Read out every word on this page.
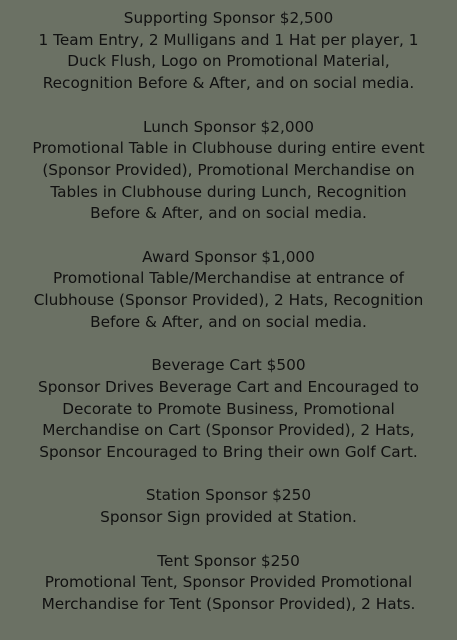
Supporting Sponsor $2,500
1 Team Entry, 2 Mulligans and 1 Hat per player, 1
Duck Flush, Logo on Promotional Material,
Recognition Before & After, and on social media.
Lunch Sponsor $2,000
Promotional Table in Clubhouse during entire event
(Sponsor Provided), Promotional Merchandise on
Tables in Clubhouse during Lunch, Recognition
Before & After, and on social media.
Award Sponsor $1,000
Promotional Table/Merchandise at entrance of
Clubhouse (Sponsor Provided), 2 Hats, Recognition
Before & After, and on social media.
Beverage Cart $500
Sponsor Drives Beverage Cart and Encouraged to
Decorate to Promote Business, Promotional
Merchandise on Cart (Sponsor Provided), 2 Hats,
Sponsor Encouraged to Bring their own Golf Cart.
Station Sponsor $250
Sponsor Sign provided at Station.
Tent Sponsor $250
Promotional Tent, Sponsor Provided Promotional
Merchandise for Tent (Sponsor Provided), 2 Hats.
